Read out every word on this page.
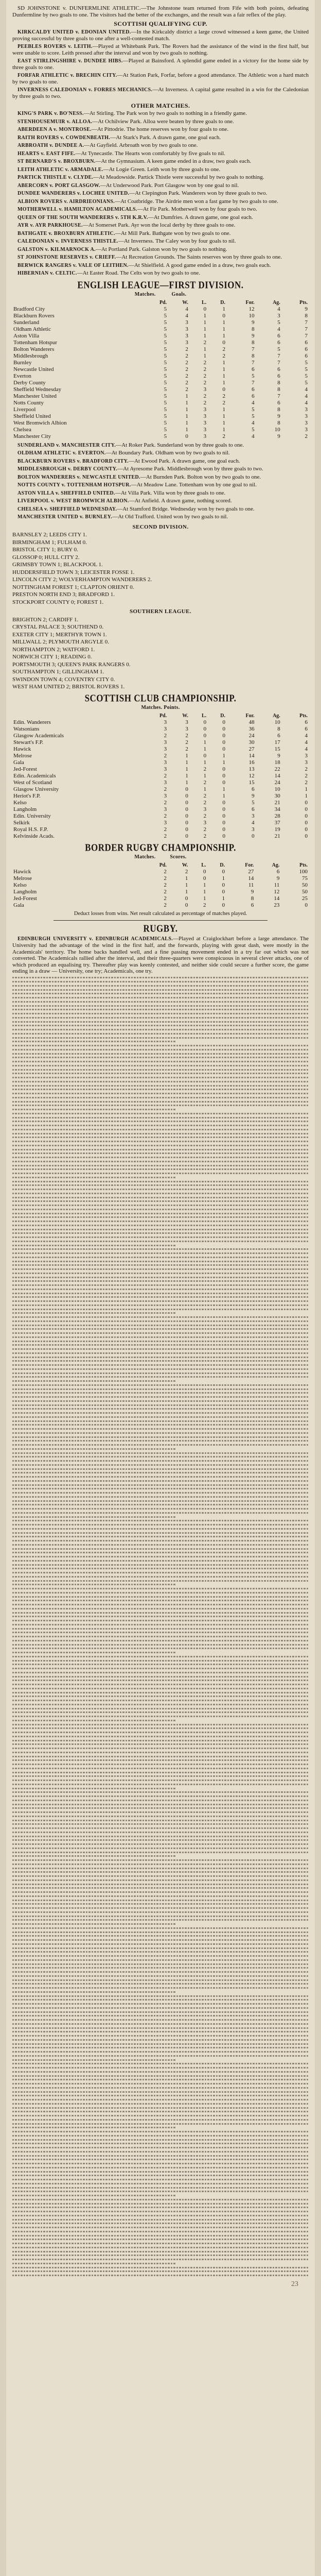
SD JOHNSTONE v. DUNFERMLINE ATHLETIC.—The Johnstone team returned from Fife with both points, defeating Dunfermline by two goals to one. The visitors had the better of the exchanges, and the result was a fair reflex of the play.

SCOTTISH QUALIFYING CUP.

KIRKCALDY UNITED v. EDONIAN UNITED.—In the Kirkcaldy district a large crowd witnessed a keen game, the United proving successful by three goals to one after a well-contested match.

PEEBLES ROVERS v. LEITH.—Played at Whitebank Park. The Rovers had the assistance of the wind in the first half, but were unable to score. Leith pressed after the interval and won by two goals to nothing.

EAST STIRLINGSHIRE v. DUNDEE HIBS.—Played at Bainsford. A splendid game ended in a victory for the home side by three goals to one.

FORFAR ATHLETIC v. BRECHIN CITY.—At Station Park, Forfar, before a good attendance. The Athletic won a hard match by two goals to one.

INVERNESS CALEDONIAN v. FORRES MECHANICS.—At Inverness. A capital game resulted in a win for the Caledonian by three goals to two.

OTHER MATCHES.

KING'S PARK v. BO'NESS.—At Stirling. The Park won by two goals to nothing in a friendly game.

STENHOUSEMUIR v. ALLOA.—At Ochilview Park. Alloa were beaten by three goals to one.

ABERDEEN A v. MONTROSE.—At Pittodrie. The home reserves won by four goals to one.

RAITH ROVERS v. COWDENBEATH.—At Stark's Park. A drawn game, one goal each.

ARBROATH v. DUNDEE A.—At Gayfield. Arbroath won by two goals to one.

HEARTS v. EAST FIFE.—At Tynecastle. The Hearts won comfortably by five goals to nil.

ST BERNARD'S v. BROXBURN.—At the Gymnasium. A keen game ended in a draw, two goals each.

LEITH ATHLETIC v. ARMADALE.—At Logie Green. Leith won by three goals to one.

PARTICK THISTLE v. CLYDE.—At Meadowside. Partick Thistle were successful by two goals to nothing.

ABERCORN v. PORT GLASGOW.—At Underwood Park. Port Glasgow won by one goal to nil.

DUNDEE WANDERERS v. LOCHEE UNITED.—At Clepington Park. Wanderers won by three goals to two.

ALBION ROVERS v. AIRDRIEONIANS.—At Coatbridge. The Airdrie men won a fast game by two goals to one.

MOTHERWELL v. HAMILTON ACADEMICALS.—At Fir Park. Motherwell won by four goals to two.

QUEEN OF THE SOUTH WANDERERS v. 5TH K.R.V.—At Dumfries. A drawn game, one goal each.

AYR v. AYR PARKHOUSE.—At Somerset Park. Ayr won the local derby by three goals to one.

BATHGATE v. BROXBURN ATHLETIC.—At Mill Park. Bathgate won by two goals to one.

CALEDONIAN v. INVERNESS THISTLE.—At Inverness. The Caley won by four goals to nil.

GALSTON v. KILMARNOCK A.—At Portland Park. Galston won by two goals to nothing.

ST JOHNSTONE RESERVES v. CRIEFF.—At Recreation Grounds. The Saints reserves won by three goals to one.

BERWICK RANGERS v. VALE OF LEITHEN.—At Shielfield. A good game ended in a draw, two goals each.

HIBERNIAN v. CELTIC.—At Easter Road. The Celts won by two goals to one.

ENGLISH LEAGUE—FIRST DIVISION.
Matches.           Goals.
	Pd.	W.	L.	D.	For.	Ag.	Pts.
Bradford City	5	4	0	1	12	4	9
Blackburn Rovers	5	4	1	0	10	3	8
Sunderland	5	3	1	1	9	5	7
Oldham Athletic	5	3	1	1	8	4	7
Aston Villa	5	3	1	1	9	6	7
Tottenham Hotspur	5	3	2	0	8	6	6
Bolton Wanderers	5	2	1	2	7	5	6
Middlesbrough	5	2	1	2	8	7	6
Burnley	5	2	2	1	7	7	5
Newcastle United	5	2	2	1	6	6	5
Everton	5	2	2	1	5	6	5
Derby County	5	2	2	1	7	8	5
Sheffield Wednesday	5	2	3	0	6	8	4
Manchester United	5	1	2	2	6	7	4
Notts County	5	1	2	2	4	6	4
Liverpool	5	1	3	1	5	8	3
Sheffield United	5	1	3	1	5	9	3
West Bromwich Albion	5	1	3	1	4	8	3
Chelsea	5	1	3	1	5	10	3
Manchester City	5	0	3	2	4	9	2

SUNDERLAND v. MANCHESTER CITY.—At Roker Park. Sunderland won by three goals to one.

OLDHAM ATHLETIC v. EVERTON.—At Boundary Park. Oldham won by two goals to nil.

BLACKBURN ROVERS v. BRADFORD CITY.—At Ewood Park. A drawn game, one goal each.

MIDDLESBROUGH v. DERBY COUNTY.—At Ayresome Park. Middlesbrough won by three goals to two.

BOLTON WANDERERS v. NEWCASTLE UNITED.—At Burnden Park. Bolton won by two goals to one.

NOTTS COUNTY v. TOTTENHAM HOTSPUR.—At Meadow Lane. Tottenham won by one goal to nil.

ASTON VILLA v. SHEFFIELD UNITED.—At Villa Park. Villa won by three goals to one.

LIVERPOOL v. WEST BROMWICH ALBION.—At Anfield. A drawn game, nothing scored.

CHELSEA v. SHEFFIELD WEDNESDAY.—At Stamford Bridge. Wednesday won by two goals to one.

MANCHESTER UNITED v. BURNLEY.—At Old Trafford. United won by two goals to nil.

SECOND DIVISION.
BARNSLEY 2; LEEDS CITY 1.
BIRMINGHAM 1; FULHAM 0.
BRISTOL CITY 1; BURY 0.
GLOSSOP 0; HULL CITY 2.
GRIMSBY TOWN 1; BLACKPOOL 1.
HUDDERSFIELD TOWN 3; LEICESTER FOSSE 1.
LINCOLN CITY 2; WOLVERHAMPTON WANDERERS 2.
NOTTINGHAM FOREST 1; CLAPTON ORIENT 0.
PRESTON NORTH END 3; BRADFORD 1.
STOCKPORT COUNTY 0; FOREST 1.
SOUTHERN LEAGUE.
BRIGHTON 2; CARDIFF 1.
CRYSTAL PALACE 3; SOUTHEND 0.
EXETER CITY 1; MERTHYR TOWN 1.
MILLWALL 2; PLYMOUTH ARGYLE 0.
NORTHAMPTON 2; WATFORD 1.
NORWICH CITY 1; READING 0.
PORTSMOUTH 3; QUEEN'S PARK RANGERS 0.
SOUTHAMPTON 1; GILLINGHAM 1.
SWINDON TOWN 4; COVENTRY CITY 0.
WEST HAM UNITED 2; BRISTOL ROVERS 1.
SCOTTISH CLUB CHAMPIONSHIP.
Matches. Points.
	Pd.	W.	L.	D.	For.	Ag.	Pts.
Edin. Wanderers	3	3	0	0	48	10	6
Watsonians	3	3	0	0	36	8	6
Glasgow Academicals	2	2	0	0	24	6	4
Stewart's F.P.	3	2	1	0	30	17	4
Hawick	3	2	1	0	27	15	4
Melrose	2	1	0	1	14	9	3
Gala	3	1	1	1	16	18	3
Jed-Forest	3	1	2	0	13	22	2
Edin. Academicals	2	1	1	0	12	14	2
West of Scotland	3	1	2	0	15	24	2
Glasgow University	2	0	1	1	6	10	1
Heriot's F.P.	3	0	2	1	9	30	1
Kelso	2	0	2	0	5	21	0
Langholm	3	0	3	0	6	34	0
Edin. University	2	0	2	0	3	28	0
Selkirk	3	0	3	0	4	37	0
Royal H.S. F.P.	2	0	2	0	3	19	0
Kelvinside Acads.	2	0	2	0	0	21	0
BORDER RUGBY CHAMPIONSHIP.
Matches.          Scores.
	Pd.	W.	L.	D.	For.	Ag.	Pts.
Hawick	2	2	0	0	27	6	100
Melrose	2	1	0	1	14	9	75
Kelso	2	1	1	0	11	11	50
Langholm	2	1	1	0	9	12	50
Jed-Forest	2	0	1	1	8	14	25
Gala	2	0	2	0	6	23	0
Deduct losses from wins. Net result calculated as percentage of matches played.
RUGBY.

EDINBURGH UNIVERSITY v. EDINBURGH ACADEMICALS.—Played at Craiglockhart before a large attendance. The University had the advantage of the wind in the first half, and the forwards, playing with great dash, were mostly in the Academicals' territory. The home backs handled well, and a fine passing movement ended in a try far out which was not converted. The Academicals rallied after the interval, and their three-quarters were conspicuous in several clever attacks, one of which produced an equalising try. Thereafter play was keenly contested, and neither side could secure a further score, the game ending in a draw — University, one try; Academicals, one try.

23
